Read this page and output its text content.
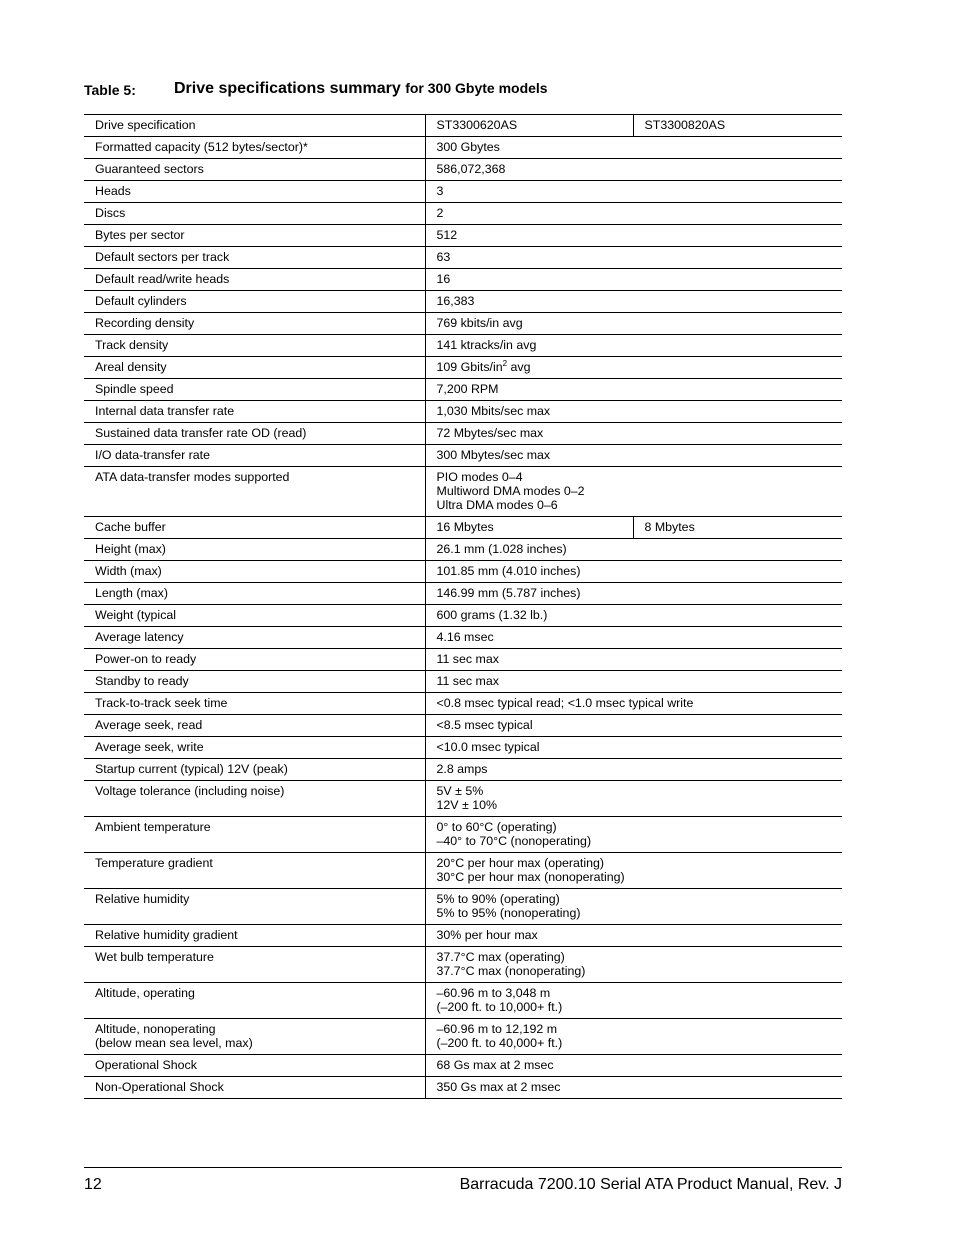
Table 5: Drive specifications summary for 300 Gbyte models
Drive specification	ST3300620AS	ST3300820AS
Formatted capacity (512 bytes/sector)*	300 Gbytes	
Guaranteed sectors	586,072,368	
Heads	3	
Discs	2	
Bytes per sector	512	
Default sectors per track	63	
Default read/write heads	16	
Default cylinders	16,383	
Recording density	769 kbits/in avg	
Track density	141 ktracks/in avg	
Areal density	109 Gbits/$in^2$ avg	
Spindle speed	7,200 RPM	
Internal data transfer rate	1,030 Mbits/sec max	
Sustained data transfer rate OD (read)	72 Mbytes/sec max	
I/O data-transfer rate	300 Mbytes/sec max	
ATA data-transfer modes supported	PIO modes 0–4
Multiword DMA modes 0–2
Ultra DMA modes 0–6	
Cache buffer	16 Mbytes	8 Mbytes
Height (max)	26.1 mm (1.028 inches)	
Width (max)	101.85 mm (4.010 inches)	
Length (max)	146.99 mm (5.787 inches)	
Weight (typical	600 grams (1.32 lb.)	
Average latency	4.16 msec	
Power-on to ready	11 sec max	
Standby to ready	11 sec max	
Track-to-track seek time	<0.8 msec typical read; <1.0 msec typical write	
Average seek, read	<8.5 msec typical	
Average seek, write	<10.0 msec typical	
Startup current (typical) 12V (peak)	2.8 amps	
Voltage tolerance (including noise)	5V ± 5%
12V ± 10%	
Ambient temperature	0° to 60°C (operating)
–40° to 70°C (nonoperating)	
Temperature gradient	20°C per hour max (operating)
30°C per hour max (nonoperating)	
Relative humidity	5% to 90% (operating)
5% to 95% (nonoperating)	
Relative humidity gradient	30% per hour max	
Wet bulb temperature	37.7°C max (operating)
37.7°C max (nonoperating)	
Altitude, operating	–60.96 m to 3,048 m
(–200 ft. to 10,000+ ft.)	
Altitude, nonoperating
(below mean sea level, max)	–60.96 m to 12,192 m
(–200 ft. to 40,000+ ft.)	
Operational Shock	68 Gs max at 2 msec	
Non-Operational Shock	350 Gs max at 2 msec	
12	Barracuda 7200.10 Serial ATA Product Manual, Rev. J
